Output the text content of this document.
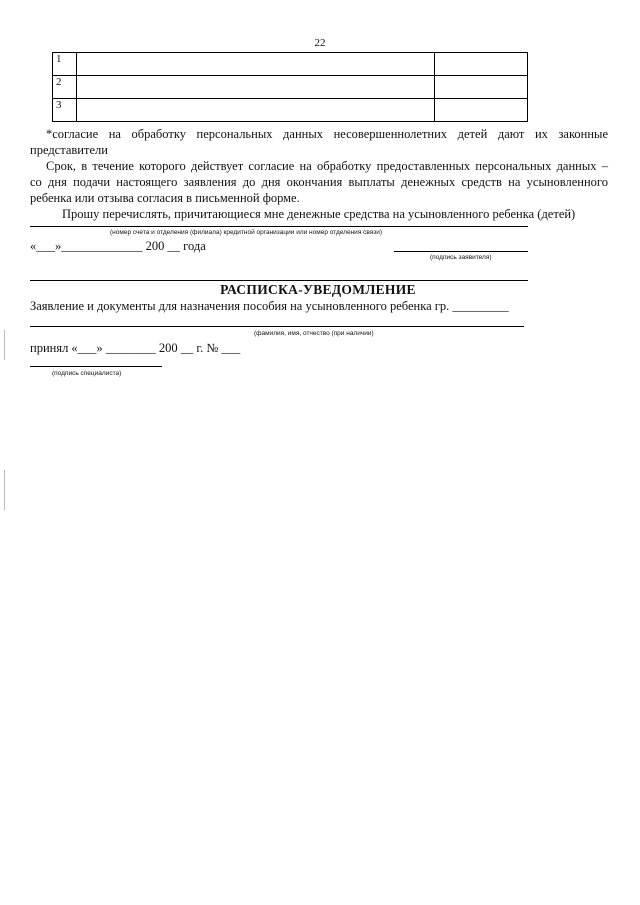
22
1		
2		
3		
*согласие на обработку персональных данных несовершеннолетних детей дают их законные
представители
Срок, в течение которого действует согласие на обработку предоставленных персональных данных –
со дня подачи настоящего заявления до дня окончания выплаты денежных средств на усыновленного
ребенка или отзыва согласия в письменной форме.
Прошу перечислять, причитающиеся мне денежные средства на усыновленного ребенка (детей)
(номер счета и отделения (филиала) кредитной организации или номер отделения связи)
«___»_____________ 200 __ года
(подпись заявителя)
РАСПИСКА-УВЕДОМЛЕНИЕ
Заявление и документы для назначения пособия на усыновленного ребенка гр. _________
(фамилия, имя, отчество (при наличии)
принял «___» ________ 200 __ г. № ___
(подпись специалиста)
